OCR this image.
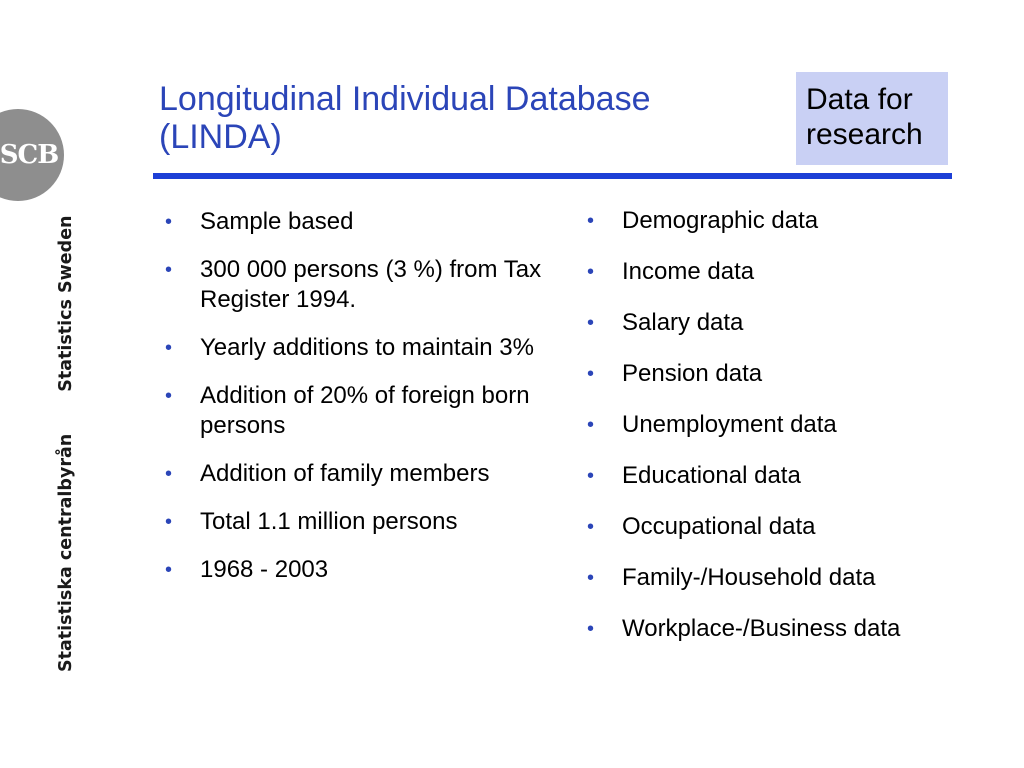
SCB
Statistiska centralbyrån
Statistics Sweden
Longitudinal Individual Database
(LINDA)
Data for
research
• Sample based
• 300 000 persons (3 %) from Tax Register 1994.
• Yearly additions to maintain 3%
• Addition of 20% of foreign born persons
• Addition of family members
• Total 1.1 million persons
• 1968 - 2003
• Demographic data
• Income data
• Salary data
• Pension data
• Unemployment data
• Educational data
• Occupational data
• Family-/Household data
• Workplace-/Business data
